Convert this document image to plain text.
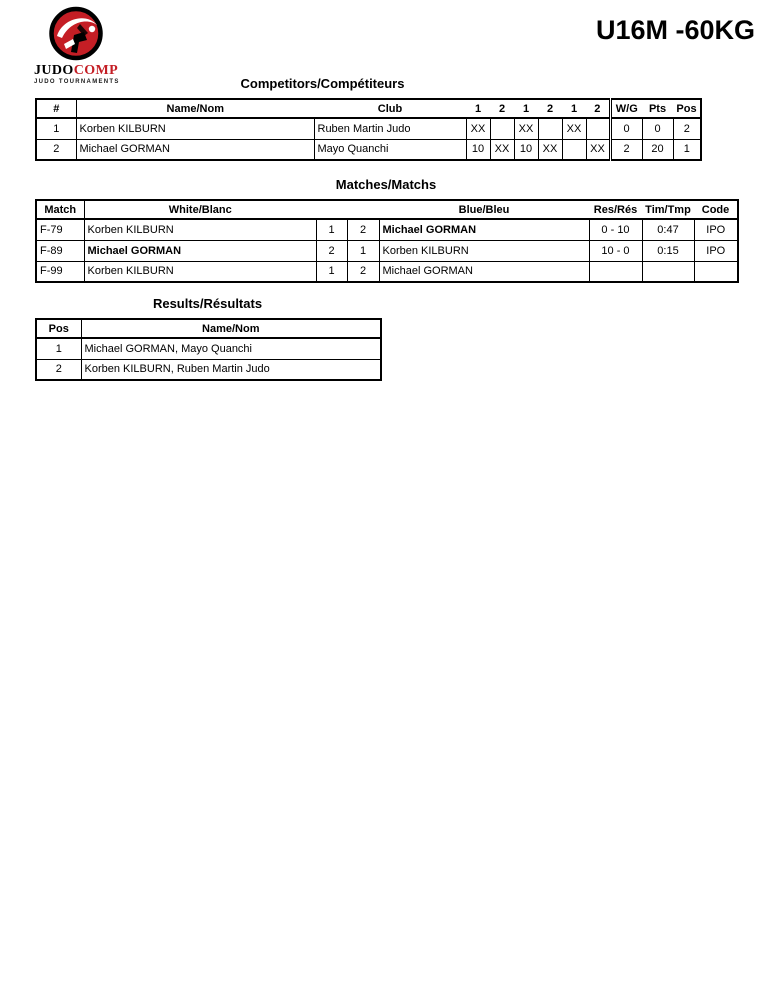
JUDOCOMP
JUDO TOURNAMENTS
U16M -60KG
Competitors/Compétiteurs
#	Name/Nom	Club	1	2	1	2	1	2	W/G	Pts	Pos
1	Korben KILBURN	Ruben Martin Judo	XX		XX		XX		0	0	2
2	Michael GORMAN	Mayo Quanchi	10	XX	10	XX		XX	2	20	1
Matches/Matchs
Match	White/Blanc			Blue/Bleu	Res/Rés	Tim/Tmp	Code
F-79	Korben KILBURN	1	2	Michael GORMAN	0 - 10	0:47	IPO
F-89	Michael GORMAN	2	1	Korben KILBURN	10 - 0	0:15	IPO
F-99	Korben KILBURN	1	2	Michael GORMAN			
Results/Résultats
Pos	Name/Nom
1	Michael GORMAN, Mayo Quanchi
2	Korben KILBURN, Ruben Martin Judo
